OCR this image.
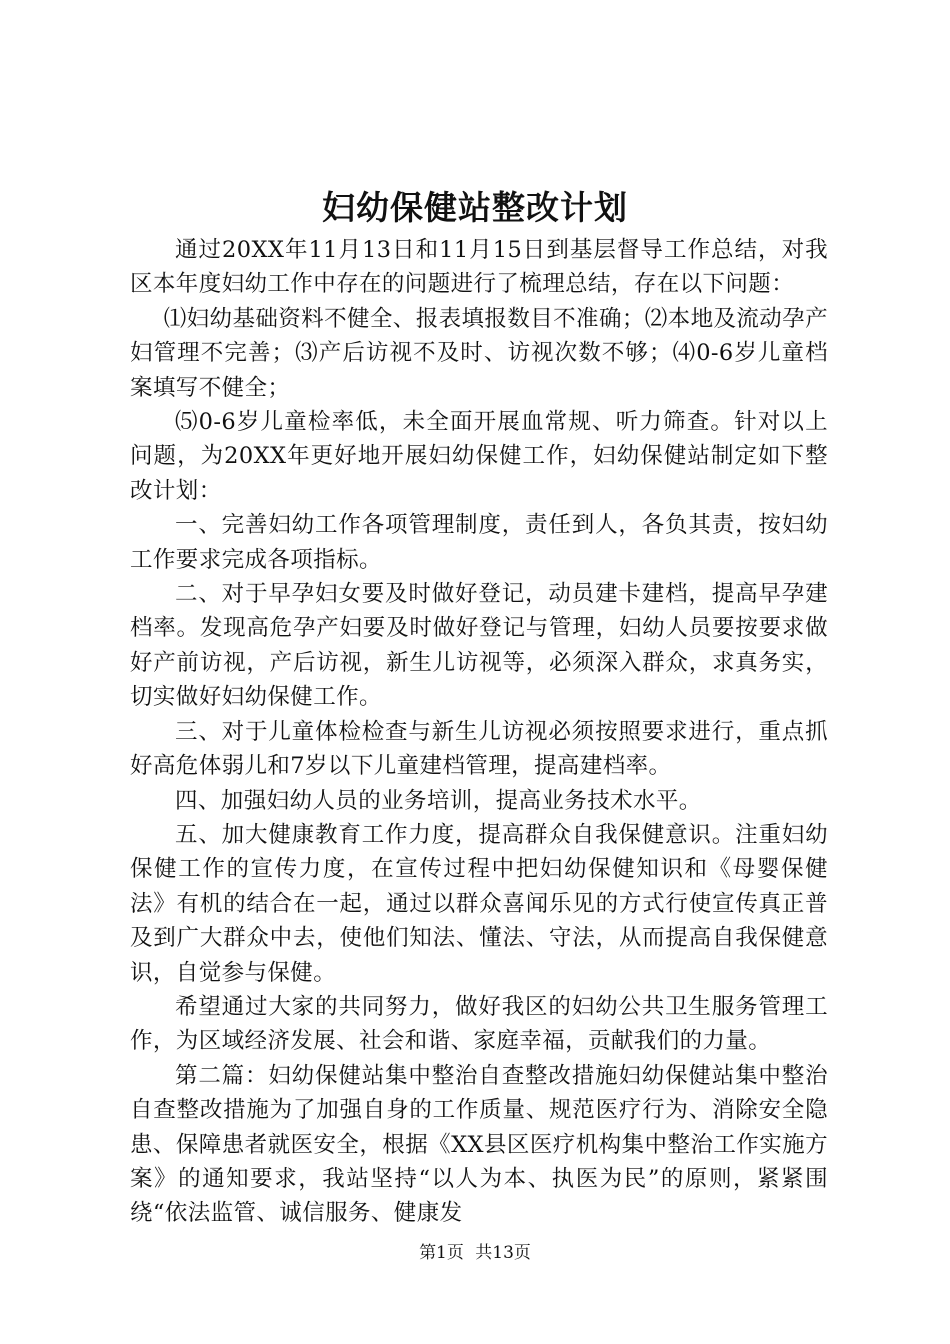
妇幼保健站整改计划

通过20XX年11月13日和11月15日到基层督导工作总结，对我区本年度妇幼工作中存在的问题进行了梳理总结，存在以下问题：

⑴妇幼基础资料不健全、报表填报数目不准确；⑵本地及流动孕产妇管理不完善；⑶产后访视不及时、访视次数不够；⑷0-6岁儿童档案填写不健全；

⑸0-6岁儿童检率低，未全面开展血常规、听力筛查。针对以上问题，为20XX年更好地开展妇幼保健工作，妇幼保健站制定如下整改计划：

一、完善妇幼工作各项管理制度，责任到人，各负其责，按妇幼工作要求完成各项指标。

二、对于早孕妇女要及时做好登记，动员建卡建档，提高早孕建档率。发现高危孕产妇要及时做好登记与管理，妇幼人员要按要求做好产前访视，产后访视，新生儿访视等，必须深入群众，求真务实，切实做好妇幼保健工作。

三、对于儿童体检检查与新生儿访视必须按照要求进行，重点抓好高危体弱儿和7岁以下儿童建档管理，提高建档率。

四、加强妇幼人员的业务培训，提高业务技术水平。

五、加大健康教育工作力度，提高群众自我保健意识。注重妇幼保健工作的宣传力度，在宣传过程中把妇幼保健知识和《母婴保健法》有机的结合在一起，通过以群众喜闻乐见的方式行使宣传真正普及到广大群众中去，使他们知法、懂法、守法，从而提高自我保健意识，自觉参与保健。

希望通过大家的共同努力，做好我区的妇幼公共卫生服务管理工作，为区域经济发展、社会和谐、家庭幸福，贡献我们的力量。

第二篇：妇幼保健站集中整治自查整改措施妇幼保健站集中整治自查整改措施为了加强自身的工作质量、规范医疗行为、消除安全隐患、保障患者就医安全，根据《XX县区医疗机构集中整治工作实施方案》的通知要求，我站坚持“以人为本、执医为民”的原则，紧紧围绕“依法监管、诚信服务、健康发

第1页 共13页
